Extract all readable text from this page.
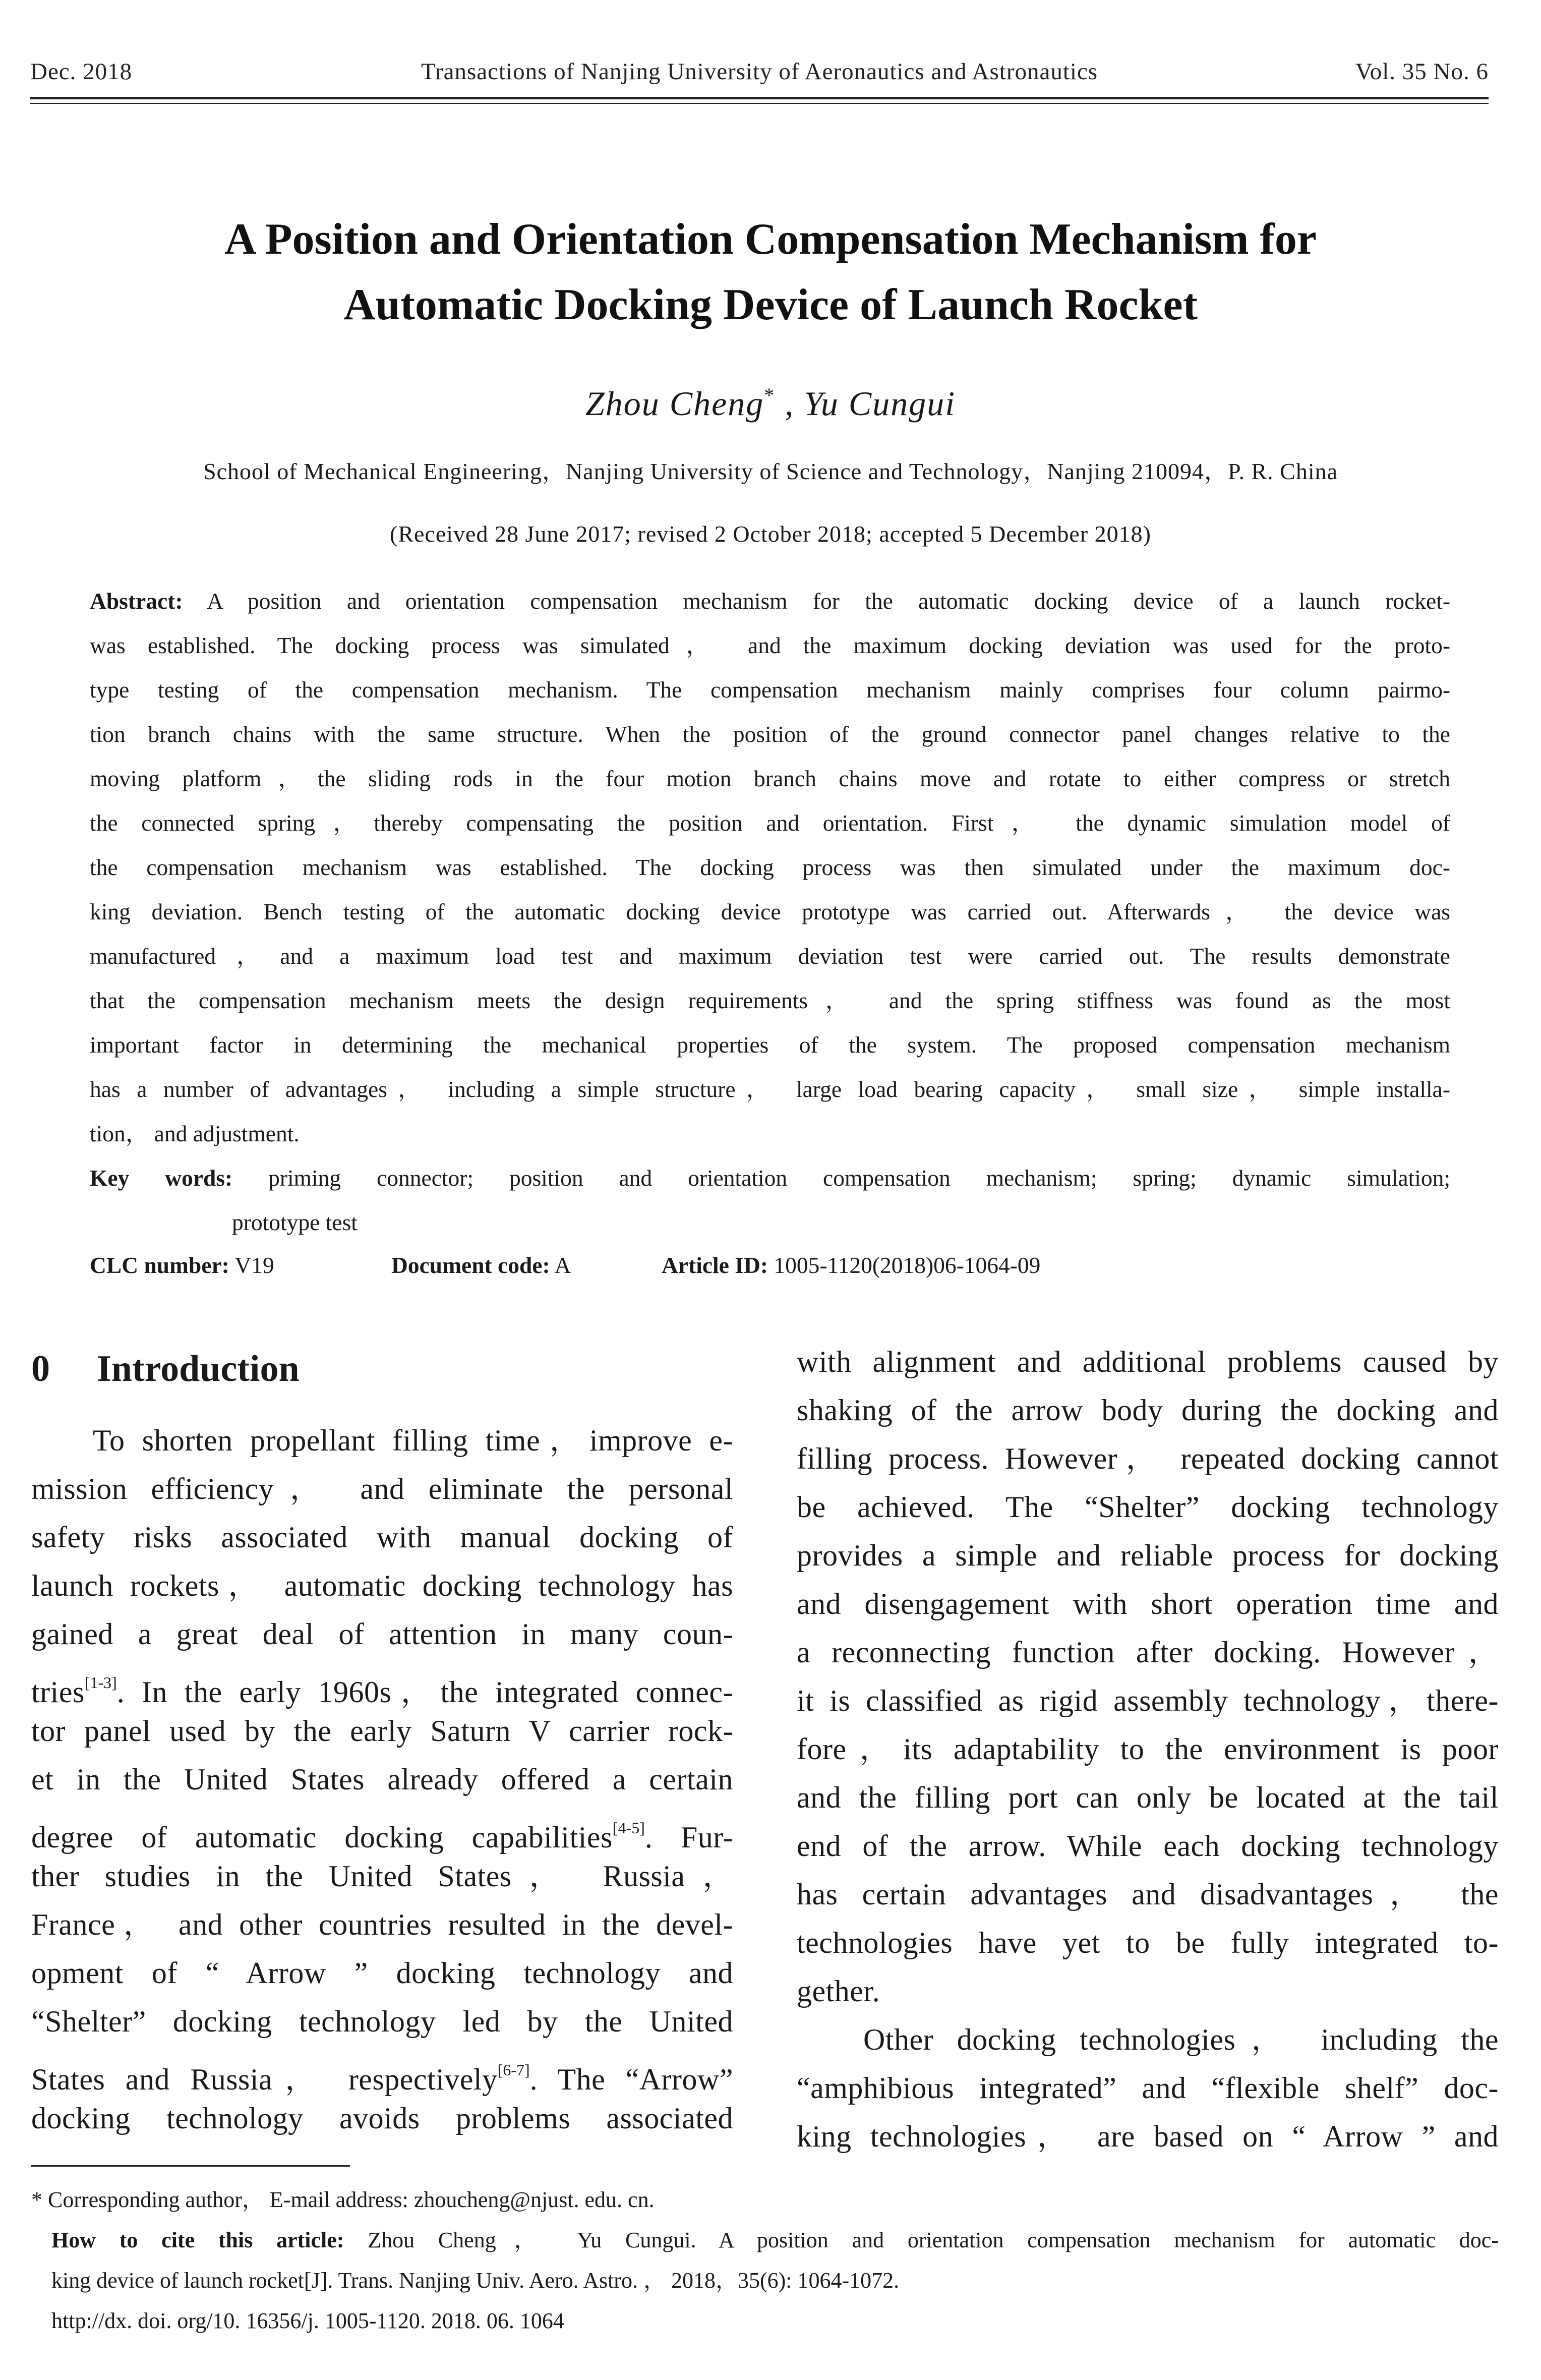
Dec. 2018	Transactions of Nanjing University of Aeronautics and Astronautics	Vol. 35 No. 6
A Position and Orientation Compensation Mechanism for
Automatic Docking Device of Launch Rocket
Zhou Cheng* , Yu Cungui
School of Mechanical Engineering，Nanjing University of Science and Technology，Nanjing 210094，P. R. China
(Received 28 June 2017; revised 2 October 2018; accepted 5 December 2018)
Abstract: A position and orientation compensation mechanism for the automatic docking device of a launch rocket-
was established. The docking process was simulated， and the maximum docking deviation was used for the proto-
type testing of the compensation mechanism. The compensation mechanism mainly comprises four column pairmo-
tion branch chains with the same structure. When the position of the ground connector panel changes relative to the
moving platform，the sliding rods in the four motion branch chains move and rotate to either compress or stretch
the connected spring，thereby compensating the position and orientation. First， the dynamic simulation model of
the compensation mechanism was established. The docking process was then simulated under the maximum doc-
king deviation. Bench testing of the automatic docking device prototype was carried out. Afterwards， the device was
manufactured，and a maximum load test and maximum deviation test were carried out. The results demonstrate
that the compensation mechanism meets the design requirements， and the spring stiffness was found as the most
important factor in determining the mechanical properties of the system. The proposed compensation mechanism
has a number of advantages， including a simple structure， large load bearing capacity， small size， simple installa-
tion， and adjustment.
Key words: priming connector; position and orientation compensation mechanism; spring; dynamic simulation;
prototype test
CLC number: V19	Document code: A	Article ID: 1005-1120(2018)06-1064-09
0 Introduction
To shorten propellant filling time，improve e-
mission efficiency， and eliminate the personal
safety risks associated with manual docking of
launch rockets， automatic docking technology has
gained a great deal of attention in many coun-
tries[1-3]. In the early 1960s，the integrated connec-
tor panel used by the early Saturn V carrier rock-
et in the United States already offered a certain
degree of automatic docking capabilities[4-5]. Fur-
ther studies in the United States， Russia，
France， and other countries resulted in the devel-
opment of “ Arrow ” docking technology and
“Shelter” docking technology led by the United
States and Russia， respectively[6-7]. The “Arrow”
docking technology avoids problems associated
with alignment and additional problems caused by
shaking of the arrow body during the docking and
filling process. However， repeated docking cannot
be achieved. The “Shelter” docking technology
provides a simple and reliable process for docking
and disengagement with short operation time and
a reconnecting function after docking. However，
it is classified as rigid assembly technology，there-
fore，its adaptability to the environment is poor
and the filling port can only be located at the tail
end of the arrow. While each docking technology
has certain advantages and disadvantages， the
technologies have yet to be fully integrated to-
gether.
Other docking technologies， including the
“amphibious integrated” and “flexible shelf” doc-
king technologies， are based on “ Arrow ” and
* Corresponding author， E-mail address: zhoucheng@njust. edu. cn.
How to cite this article: Zhou Cheng， Yu Cungui. A position and orientation compensation mechanism for automatic doc-
king device of launch rocket[J]. Trans. Nanjing Univ. Aero. Astro. ， 2018，35(6): 1064-1072.
http://dx. doi. org/10. 16356/j. 1005-1120. 2018. 06. 1064
